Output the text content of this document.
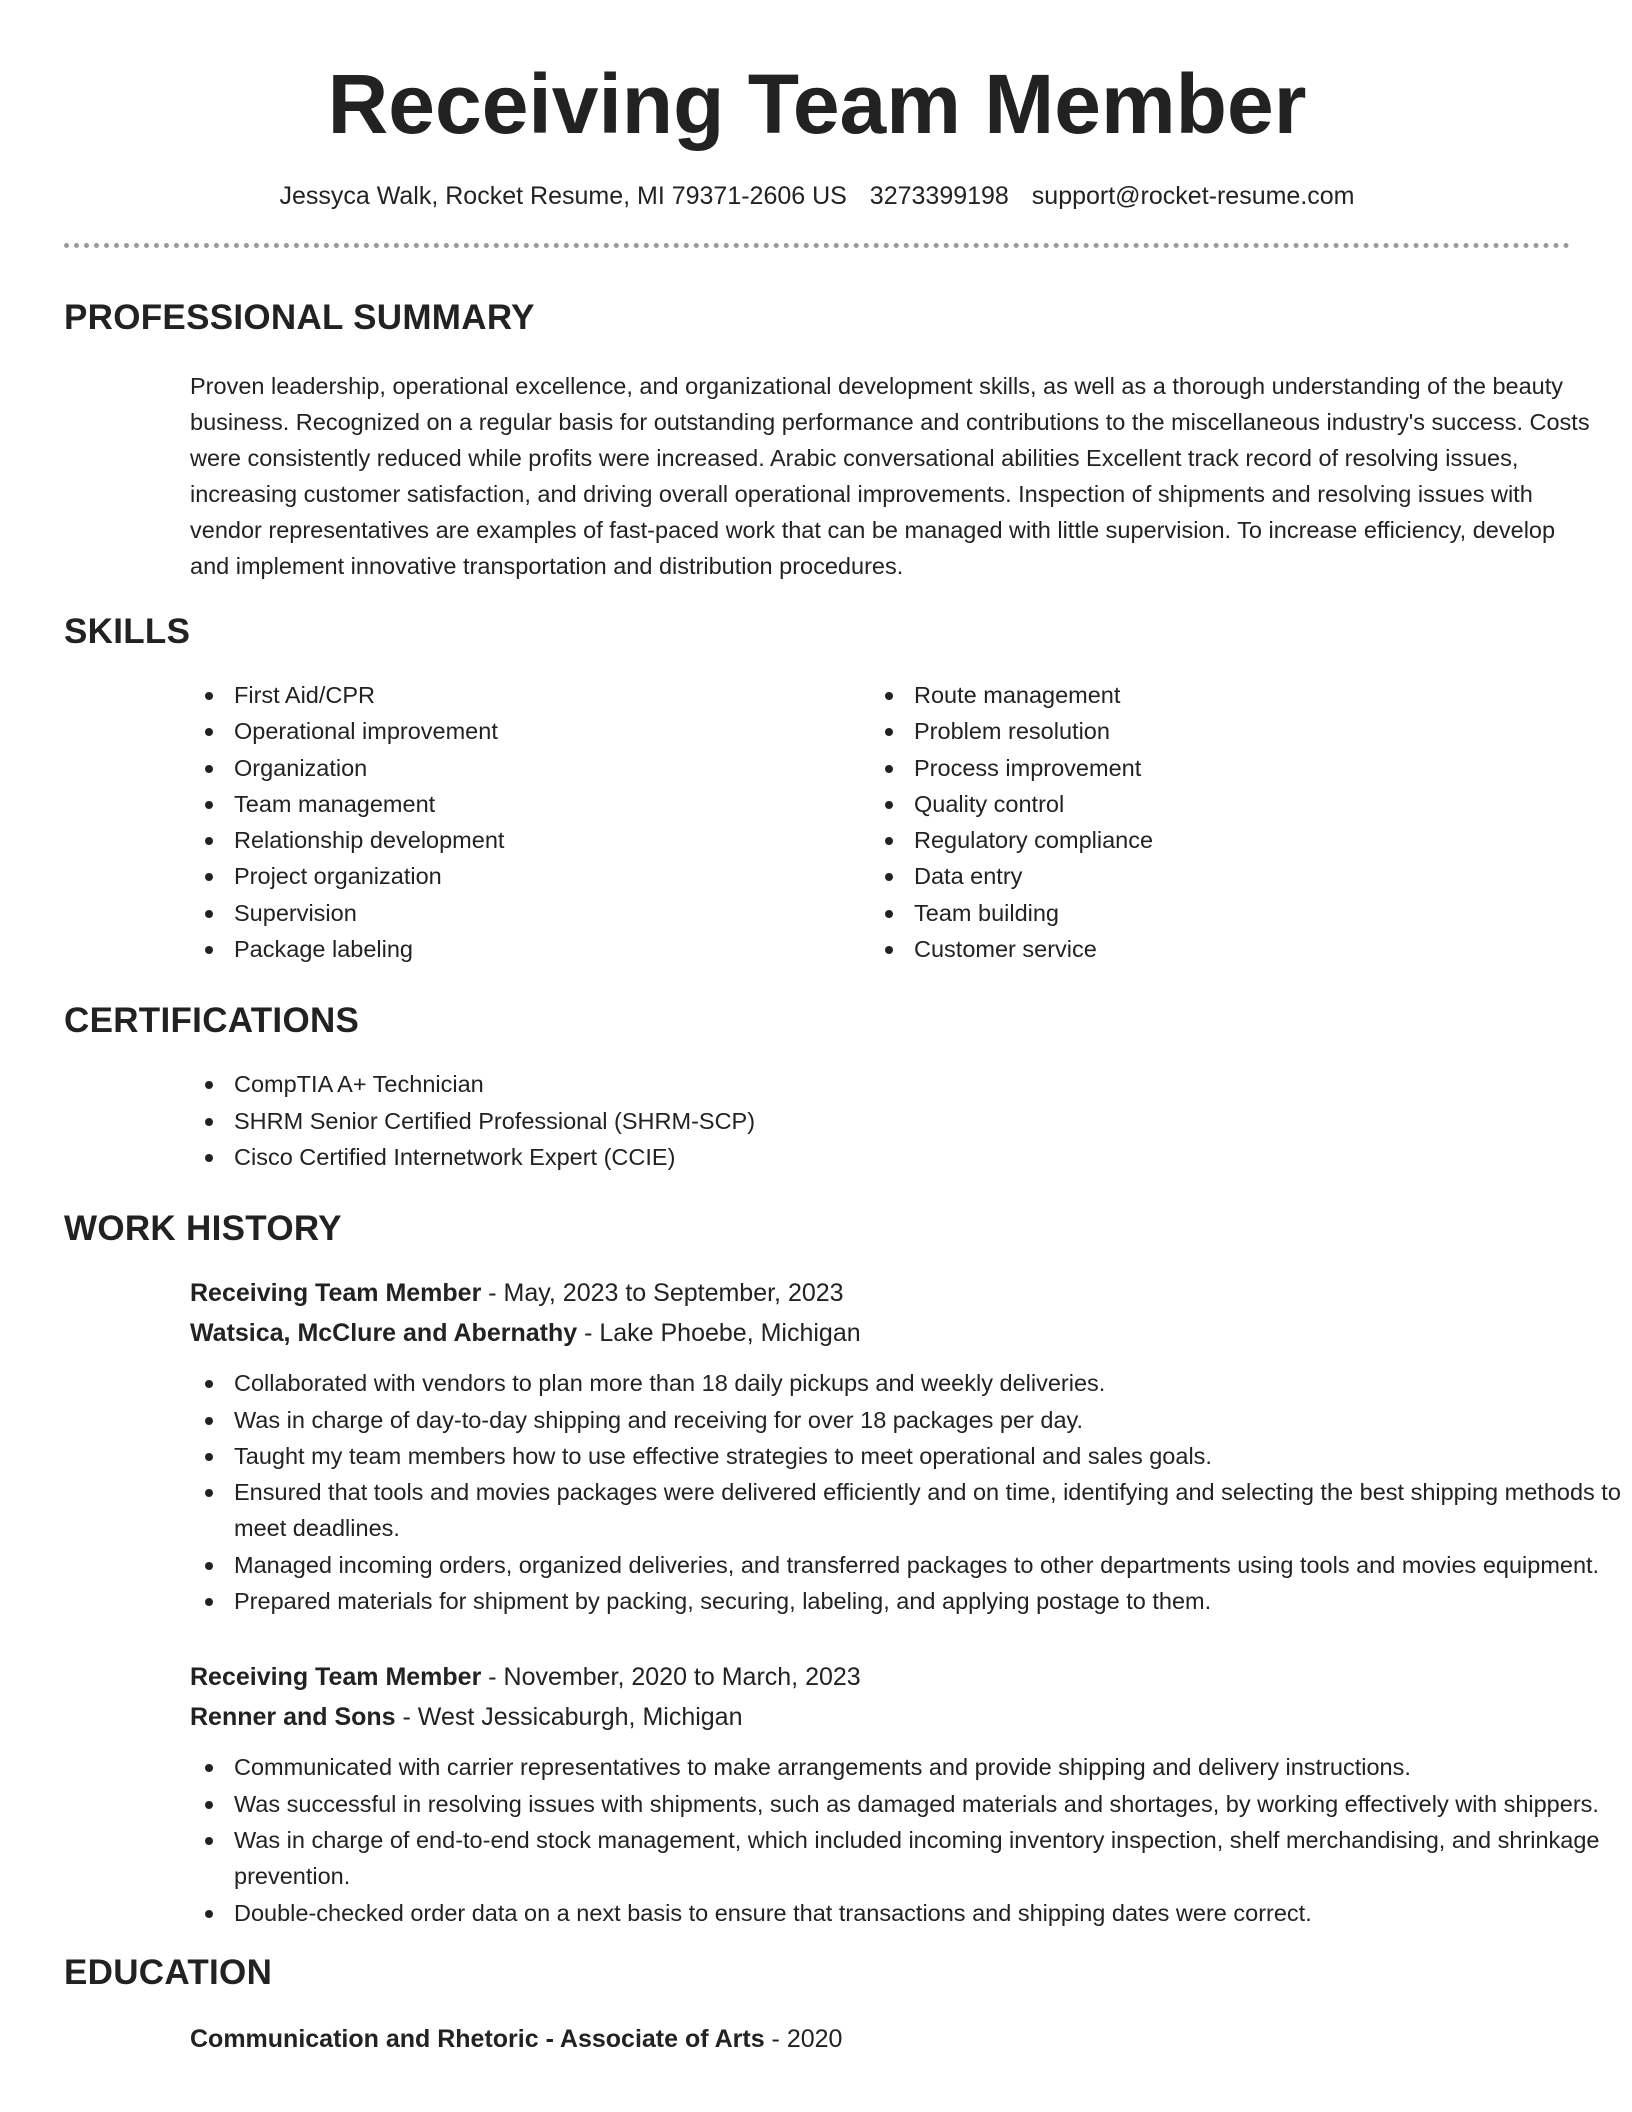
Receiving Team Member
Jessyca Walk, Rocket Resume, MI 79371-2606 US 3273399198 support@rocket-resume.com
PROFESSIONAL SUMMARY

Proven leadership, operational excellence, and organizational development skills, as well as a thorough understanding of the beauty business. Recognized on a regular basis for outstanding performance and contributions to the miscellaneous industry's success. Costs were consistently reduced while profits were increased. Arabic conversational abilities Excellent track record of resolving issues, increasing customer satisfaction, and driving overall operational improvements. Inspection of shipments and resolving issues with vendor representatives are examples of fast-paced work that can be managed with little supervision. To increase efficiency, develop and implement innovative transportation and distribution procedures.

SKILLS
First Aid/CPR
Operational improvement
Organization
Team management
Relationship development
Project organization
Supervision
Package labeling
Route management
Problem resolution
Process improvement
Quality control
Regulatory compliance
Data entry
Team building
Customer service
CERTIFICATIONS
CompTIA A+ Technician
SHRM Senior Certified Professional (SHRM-SCP)
Cisco Certified Internetwork Expert (CCIE)
WORK HISTORY
Receiving Team Member - May, 2023 to September, 2023
Watsica, McClure and Abernathy - Lake Phoebe, Michigan
Collaborated with vendors to plan more than 18 daily pickups and weekly deliveries.
Was in charge of day-to-day shipping and receiving for over 18 packages per day.
Taught my team members how to use effective strategies to meet operational and sales goals.
Ensured that tools and movies packages were delivered efficiently and on time, identifying and selecting the best shipping methods to meet deadlines.
Managed incoming orders, organized deliveries, and transferred packages to other departments using tools and movies equipment.
Prepared materials for shipment by packing, securing, labeling, and applying postage to them.
Receiving Team Member - November, 2020 to March, 2023
Renner and Sons - West Jessicaburgh, Michigan
Communicated with carrier representatives to make arrangements and provide shipping and delivery instructions.
Was successful in resolving issues with shipments, such as damaged materials and shortages, by working effectively with shippers.
Was in charge of end-to-end stock management, which included incoming inventory inspection, shelf merchandising, and shrinkage prevention.
Double-checked order data on a next basis to ensure that transactions and shipping dates were correct.
EDUCATION
Communication and Rhetoric - Associate of Arts - 2020
